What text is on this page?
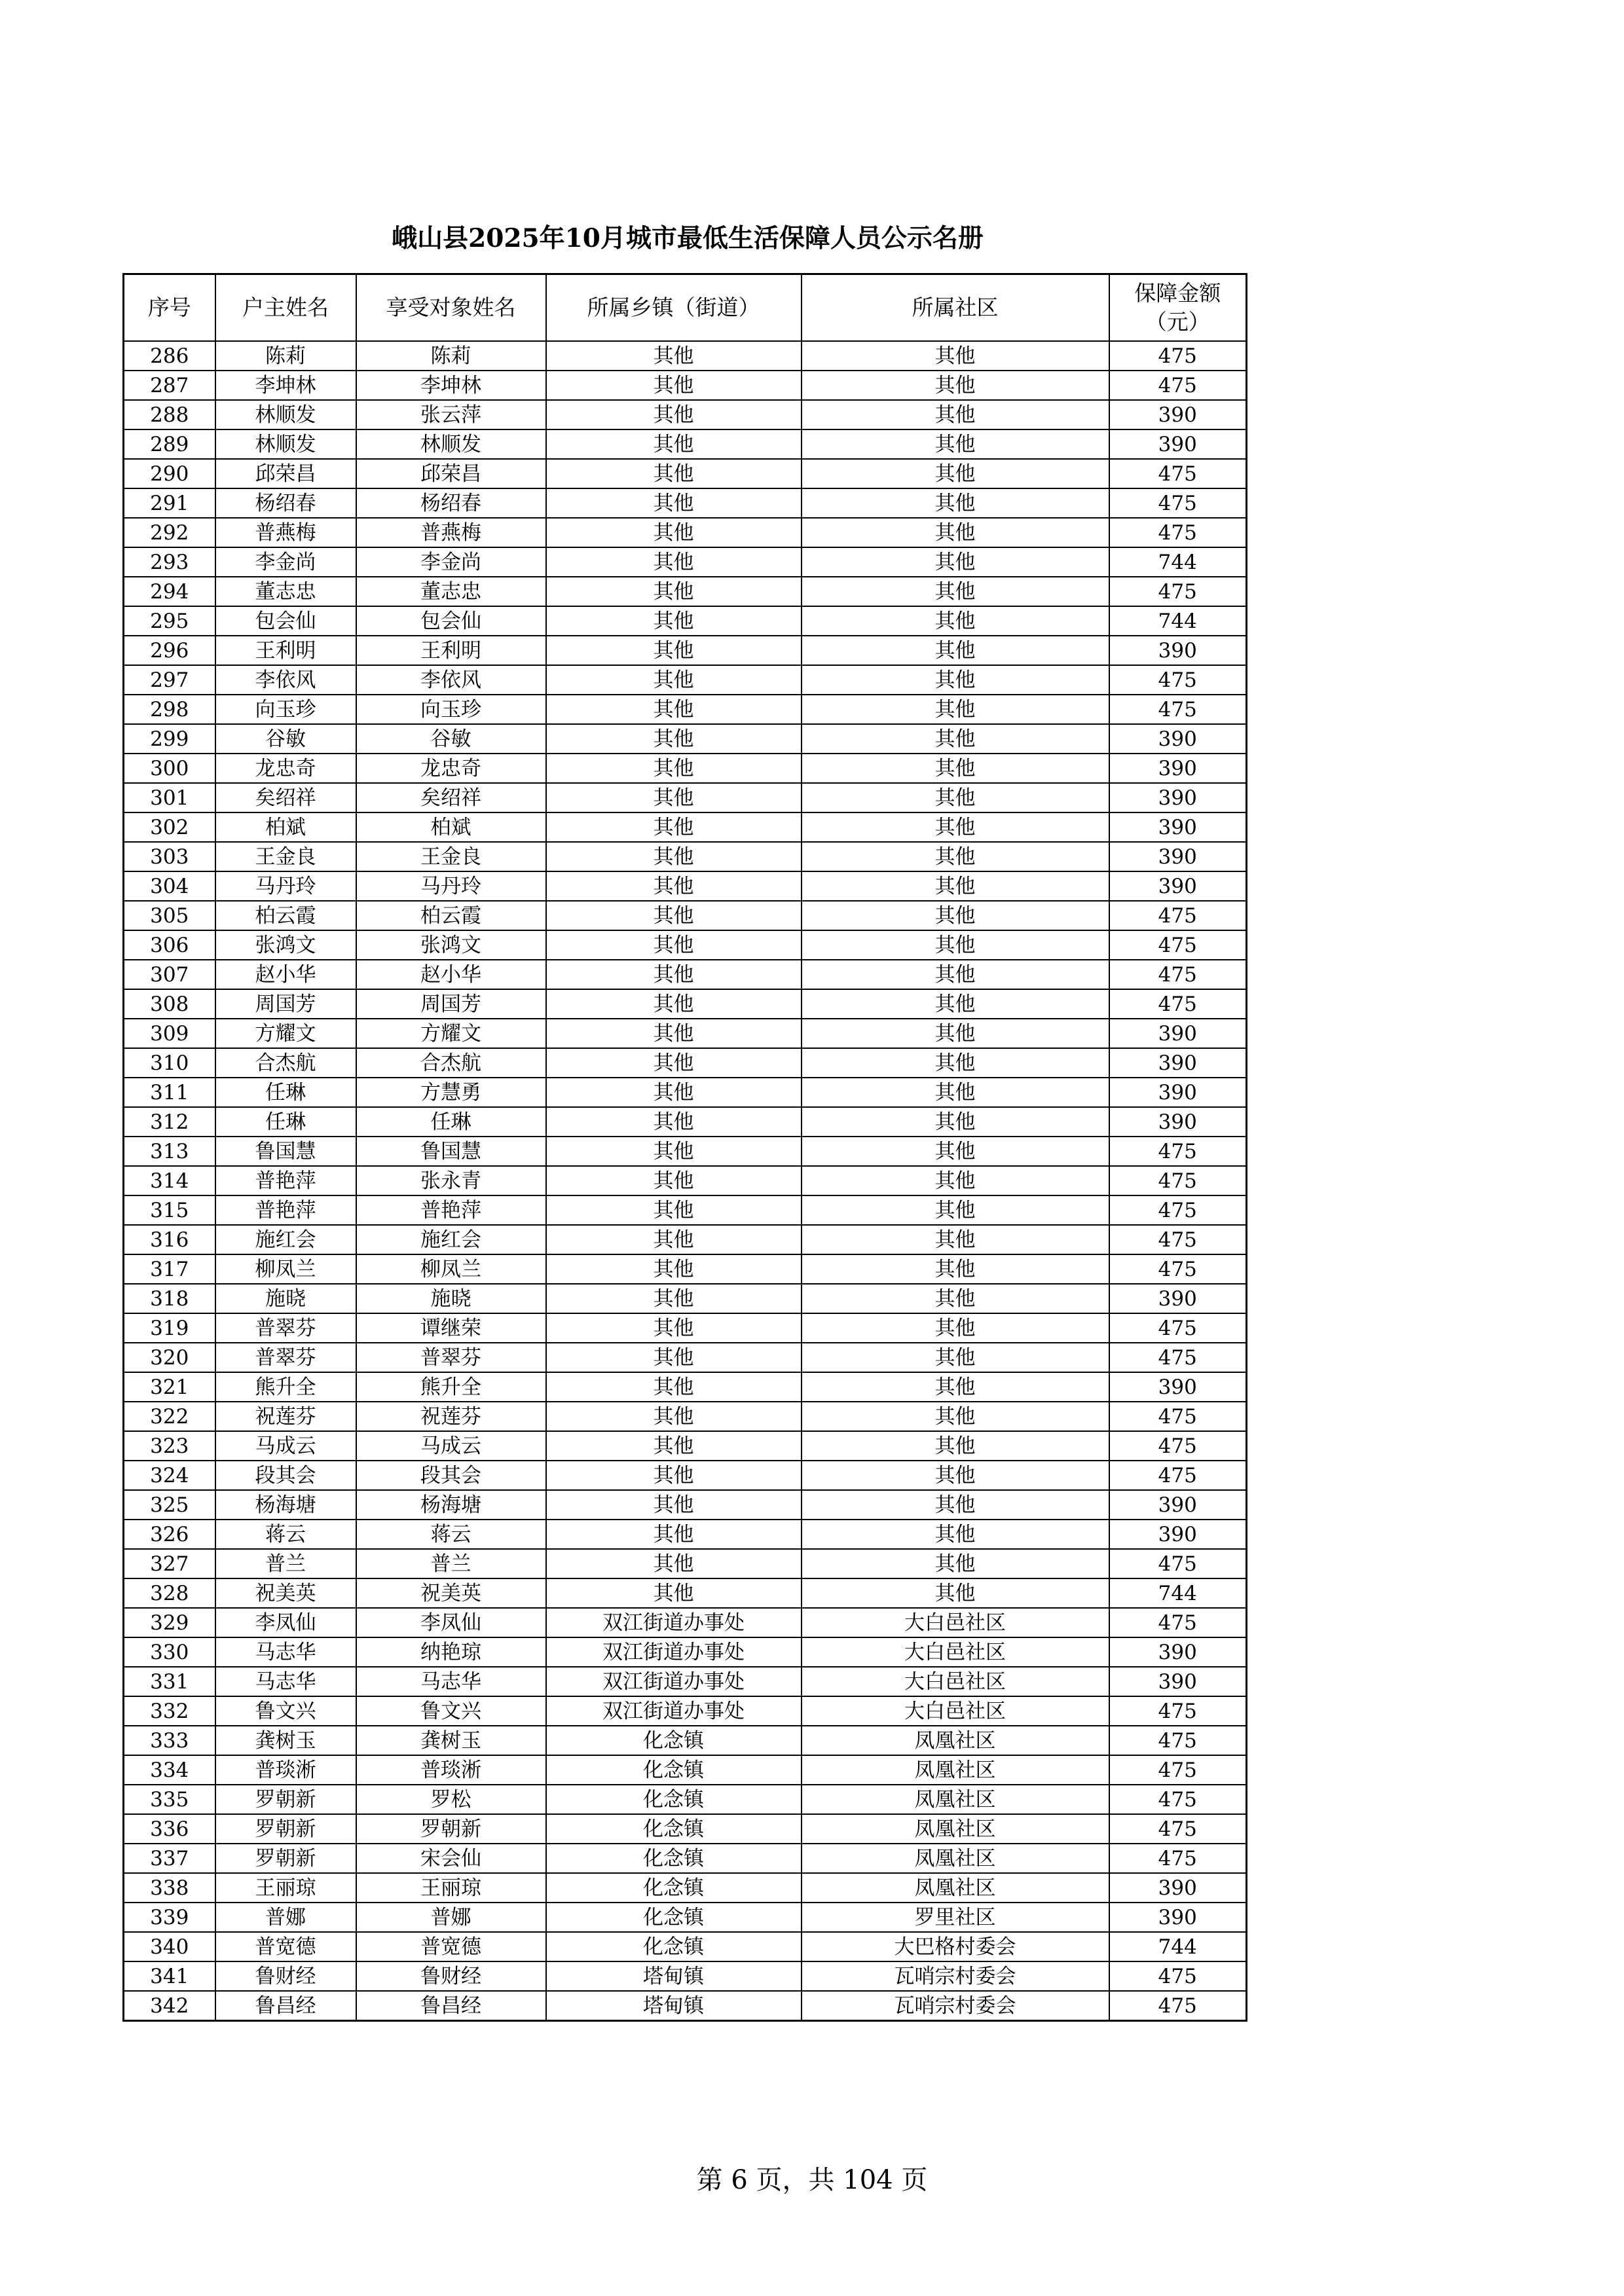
峨山县2025年10月城市最低生活保障人员公示名册
序号	户主姓名	享受对象姓名	所属乡镇（街道）	所属社区	保障金额（元）
286	陈莉	陈莉	其他	其他	475
287	李坤林	李坤林	其他	其他	475
288	林顺发	张云萍	其他	其他	390
289	林顺发	林顺发	其他	其他	390
290	邱荣昌	邱荣昌	其他	其他	475
291	杨绍春	杨绍春	其他	其他	475
292	普燕梅	普燕梅	其他	其他	475
293	李金尚	李金尚	其他	其他	744
294	董志忠	董志忠	其他	其他	475
295	包会仙	包会仙	其他	其他	744
296	王利明	王利明	其他	其他	390
297	李依风	李依风	其他	其他	475
298	向玉珍	向玉珍	其他	其他	475
299	谷敏	谷敏	其他	其他	390
300	龙忠奇	龙忠奇	其他	其他	390
301	矣绍祥	矣绍祥	其他	其他	390
302	柏斌	柏斌	其他	其他	390
303	王金良	王金良	其他	其他	390
304	马丹玲	马丹玲	其他	其他	390
305	柏云霞	柏云霞	其他	其他	475
306	张鸿文	张鸿文	其他	其他	475
307	赵小华	赵小华	其他	其他	475
308	周国芳	周国芳	其他	其他	475
309	方耀文	方耀文	其他	其他	390
310	合杰航	合杰航	其他	其他	390
311	任琳	方慧勇	其他	其他	390
312	任琳	任琳	其他	其他	390
313	鲁国慧	鲁国慧	其他	其他	475
314	普艳萍	张永青	其他	其他	475
315	普艳萍	普艳萍	其他	其他	475
316	施红会	施红会	其他	其他	475
317	柳凤兰	柳凤兰	其他	其他	475
318	施晓	施晓	其他	其他	390
319	普翠芬	谭继荣	其他	其他	475
320	普翠芬	普翠芬	其他	其他	475
321	熊升全	熊升全	其他	其他	390
322	祝莲芬	祝莲芬	其他	其他	475
323	马成云	马成云	其他	其他	475
324	段其会	段其会	其他	其他	475
325	杨海塘	杨海塘	其他	其他	390
326	蒋云	蒋云	其他	其他	390
327	普兰	普兰	其他	其他	475
328	祝美英	祝美英	其他	其他	744
329	李凤仙	李凤仙	双江街道办事处	大白邑社区	475
330	马志华	纳艳琼	双江街道办事处	大白邑社区	390
331	马志华	马志华	双江街道办事处	大白邑社区	390
332	鲁文兴	鲁文兴	双江街道办事处	大白邑社区	475
333	龚树玉	龚树玉	化念镇	凤凰社区	475
334	普琰淅	普琰淅	化念镇	凤凰社区	475
335	罗朝新	罗松	化念镇	凤凰社区	475
336	罗朝新	罗朝新	化念镇	凤凰社区	475
337	罗朝新	宋会仙	化念镇	凤凰社区	475
338	王丽琼	王丽琼	化念镇	凤凰社区	390
339	普娜	普娜	化念镇	罗里社区	390
340	普宽德	普宽德	化念镇	大巴格村委会	744
341	鲁财经	鲁财经	塔甸镇	瓦哨宗村委会	475
342	鲁昌经	鲁昌经	塔甸镇	瓦哨宗村委会	475
第 6 页，共 104 页
